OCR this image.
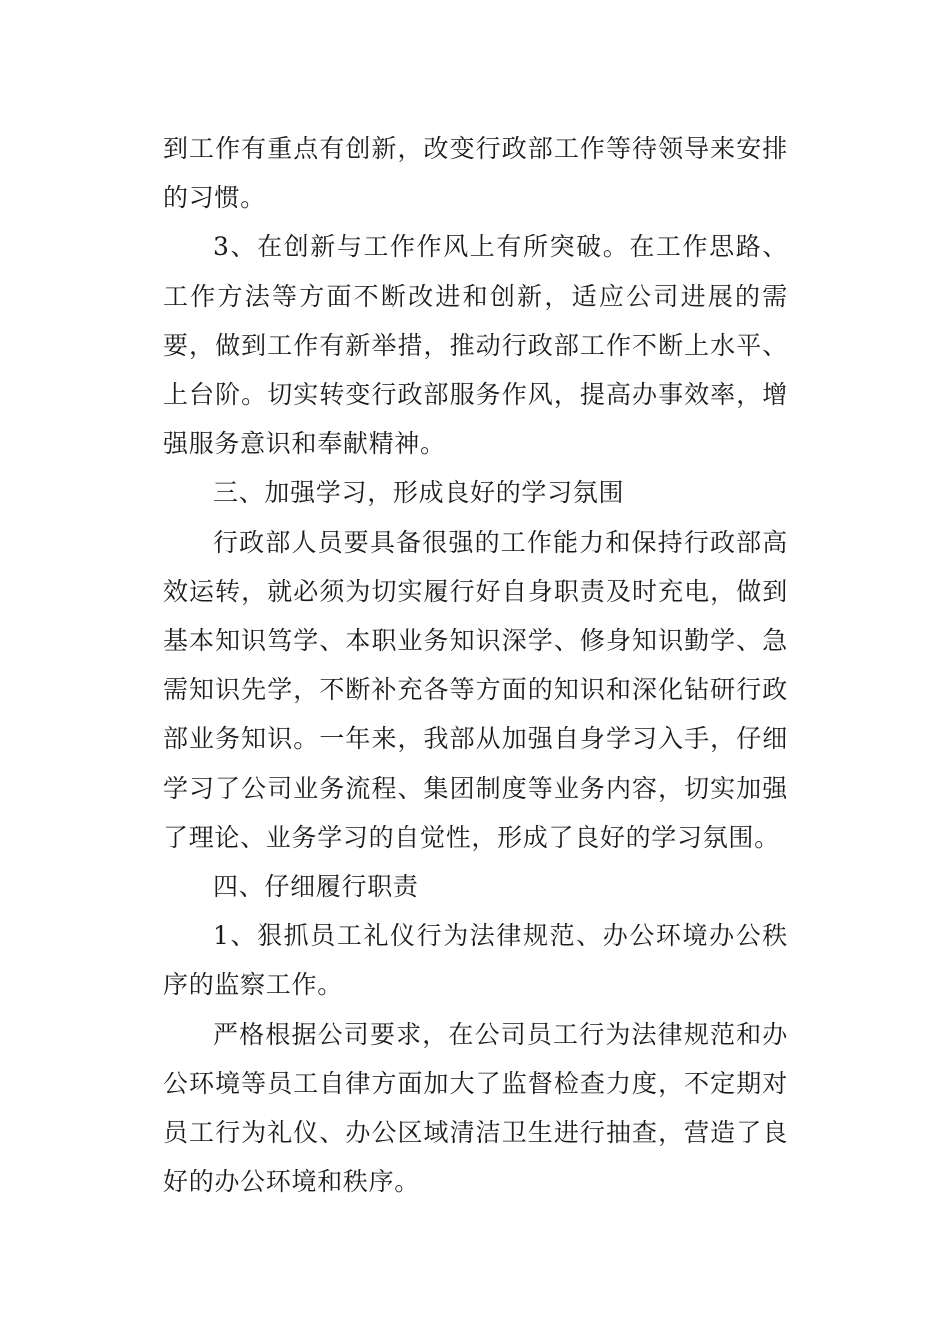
到工作有重点有创新，改变行政部工作等待领导来安排的习惯。

3、在创新与工作作风上有所突破。在工作思路、工作方法等方面不断改进和创新，适应公司进展的需要，做到工作有新举措，推动行政部工作不断上水平、上台阶。切实转变行政部服务作风，提高办事效率，增强服务意识和奉献精神。

三、加强学习，形成良好的学习氛围

行政部人员要具备很强的工作能力和保持行政部高效运转，就必须为切实履行好自身职责及时充电，做到基本知识笃学、本职业务知识深学、修身知识勤学、急需知识先学，不断补充各等方面的知识和深化钻研行政部业务知识。一年来，我部从加强自身学习入手，仔细学习了公司业务流程、集团制度等业务内容，切实加强了理论、业务学习的自觉性，形成了良好的学习氛围。

四、仔细履行职责

1、狠抓员工礼仪行为法律规范、办公环境办公秩序的监察工作。

严格根据公司要求，在公司员工行为法律规范和办公环境等员工自律方面加大了监督检查力度，不定期对员工行为礼仪、办公区域清洁卫生进行抽查，营造了良好的办公环境和秩序。
